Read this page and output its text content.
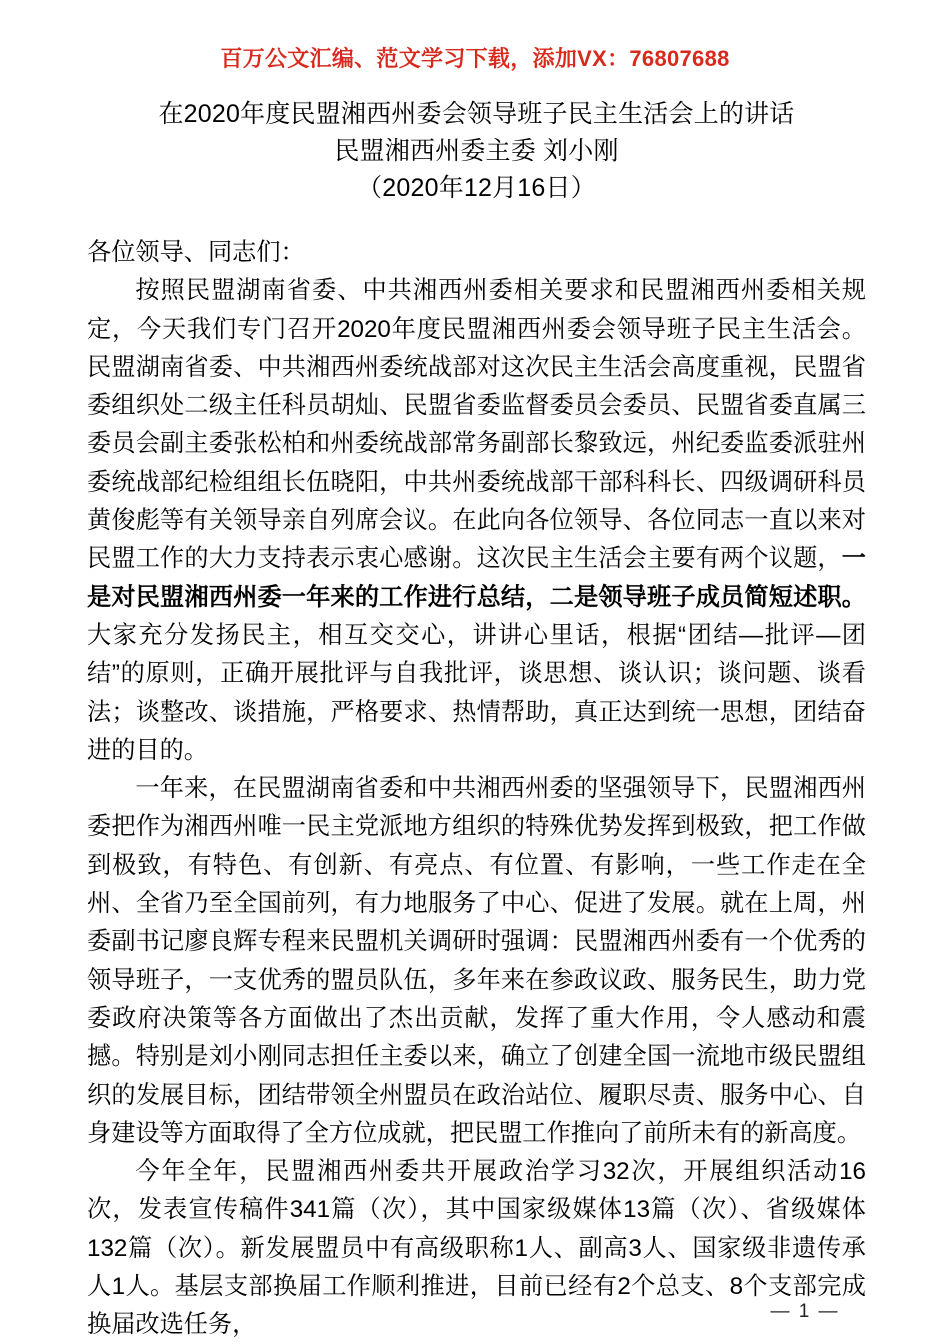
百万公文汇编、范文学习下载，添加VX：76807688
在2020年度民盟湘西州委会领导班子民主生活会上的讲话
民盟湘西州委主委 刘小刚
（2020年12月16日）

各位领导、同志们：

按照民盟湖南省委、中共湘西州委相关要求和民盟湘西州委相关规定，今天我们专门召开2020年度民盟湘西州委会领导班子民主生活会。民盟湖南省委、中共湘西州委统战部对这次民主生活会高度重视，民盟省委组织处二级主任科员胡灿、民盟省委监督委员会委员、民盟省委直属三委员会副主委张松柏和州委统战部常务副部长黎致远，州纪委监委派驻州委统战部纪检组组长伍晓阳，中共州委统战部干部科科长、四级调研科员黄俊彪等有关领导亲自列席会议。在此向各位领导、各位同志一直以来对民盟工作的大力支持表示衷心感谢。这次民主生活会主要有两个议题，一是对民盟湘西州委一年来的工作进行总结，二是领导班子成员简短述职。大家充分发扬民主，相互交交心，讲讲心里话，根据“团结—批评—团结”的原则，正确开展批评与自我批评，谈思想、谈认识；谈问题、谈看法；谈整改、谈措施，严格要求、热情帮助，真正达到统一思想，团结奋进的目的。

一年来，在民盟湖南省委和中共湘西州委的坚强领导下，民盟湘西州委把作为湘西州唯一民主党派地方组织的特殊优势发挥到极致，把工作做到极致，有特色、有创新、有亮点、有位置、有影响，一些工作走在全州、全省乃至全国前列，有力地服务了中心、促进了发展。就在上周，州委副书记廖良辉专程来民盟机关调研时强调：民盟湘西州委有一个优秀的领导班子，一支优秀的盟员队伍，多年来在参政议政、服务民生，助力党委政府决策等各方面做出了杰出贡献，发挥了重大作用，令人感动和震撼。特别是刘小刚同志担任主委以来，确立了创建全国一流地市级民盟组织的发展目标，团结带领全州盟员在政治站位、履职尽责、服务中心、自身建设等方面取得了全方位成就，把民盟工作推向了前所未有的新高度。

今年全年，民盟湘西州委共开展政治学习32次，开展组织活动16次，发表宣传稿件341篇（次），其中国家级媒体13篇（次）、省级媒体132篇（次）。新发展盟员中有高级职称1人、副高3人、国家级非遗传承人1人。基层支部换届工作顺利推进，目前已经有2个总支、8个支部完成换届改选任务，	— 1 —
